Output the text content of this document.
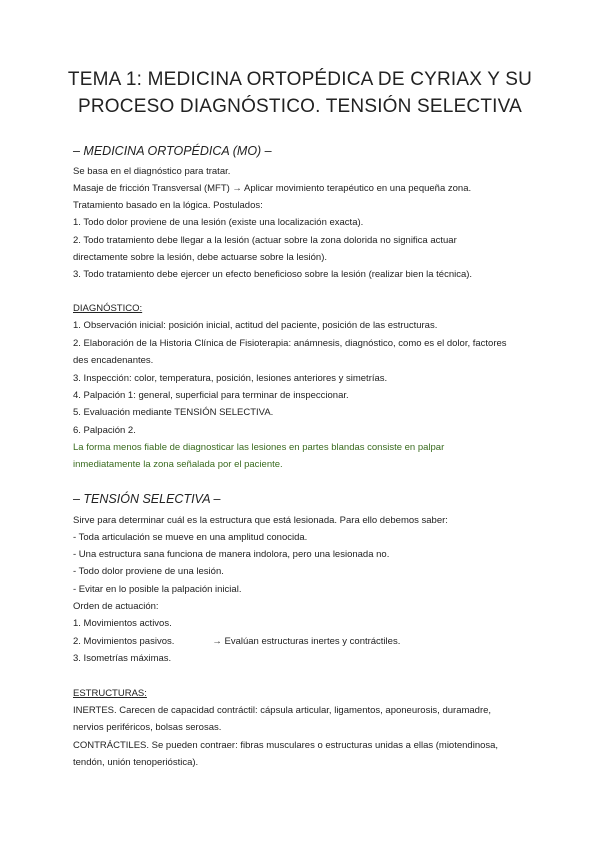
TEMA 1: MEDICINA ORTOPÉDICA DE CYRIAX Y SU
PROCESO DIAGNÓSTICO. TENSIÓN SELECTIVA
– MEDICINA ORTOPÉDICA (MO) –

Se basa en el diagnóstico para tratar.

Masaje de fricción Transversal (MFT) → Aplicar movimiento terapéutico en una pequeña zona.

Tratamiento basado en la lógica. Postulados:

1. Todo dolor proviene de una lesión (existe una localización exacta).

2. Todo tratamiento debe llegar a la lesión (actuar sobre la zona dolorida no significa actuar

directamente sobre la lesión, debe actuarse sobre la lesión).

3. Todo tratamiento debe ejercer un efecto beneficioso sobre la lesión (realizar bien la técnica).

DIAGNÓSTICO:

1. Observación inicial: posición inicial, actitud del paciente, posición de las estructuras.

2. Elaboración de la Historia Clínica de Fisioterapia: anámnesis, diagnóstico, como es el dolor, factores

des encadenantes.

3. Inspección: color, temperatura, posición, lesiones anteriores y simetrías.

4. Palpación 1: general, superficial para terminar de inspeccionar.

5. Evaluación mediante TENSIÓN SELECTIVA.

6. Palpación 2.

La forma menos fiable de diagnosticar las lesiones en partes blandas consiste en palpar

inmediatamente la zona señalada por el paciente.

– TENSIÓN SELECTIVA –

Sirve para determinar cuál es la estructura que está lesionada. Para ello debemos saber:

- Toda articulación se mueve en una amplitud conocida.

- Una estructura sana funciona de manera indolora, pero una lesionada no.

- Todo dolor proviene de una lesión.

- Evitar en lo posible la palpación inicial.

Orden de actuación:

1. Movimientos activos.

2. Movimientos pasivos.	→ Evalúan estructuras inertes y contráctiles.

3. Isometrías máximas.

ESTRUCTURAS:

INERTES. Carecen de capacidad contráctil: cápsula articular, ligamentos, aponeurosis, duramadre,

nervios periféricos, bolsas serosas.

CONTRÁCTILES. Se pueden contraer: fibras musculares o estructuras unidas a ellas (miotendinosa,

tendón, unión tenoperióstica).
